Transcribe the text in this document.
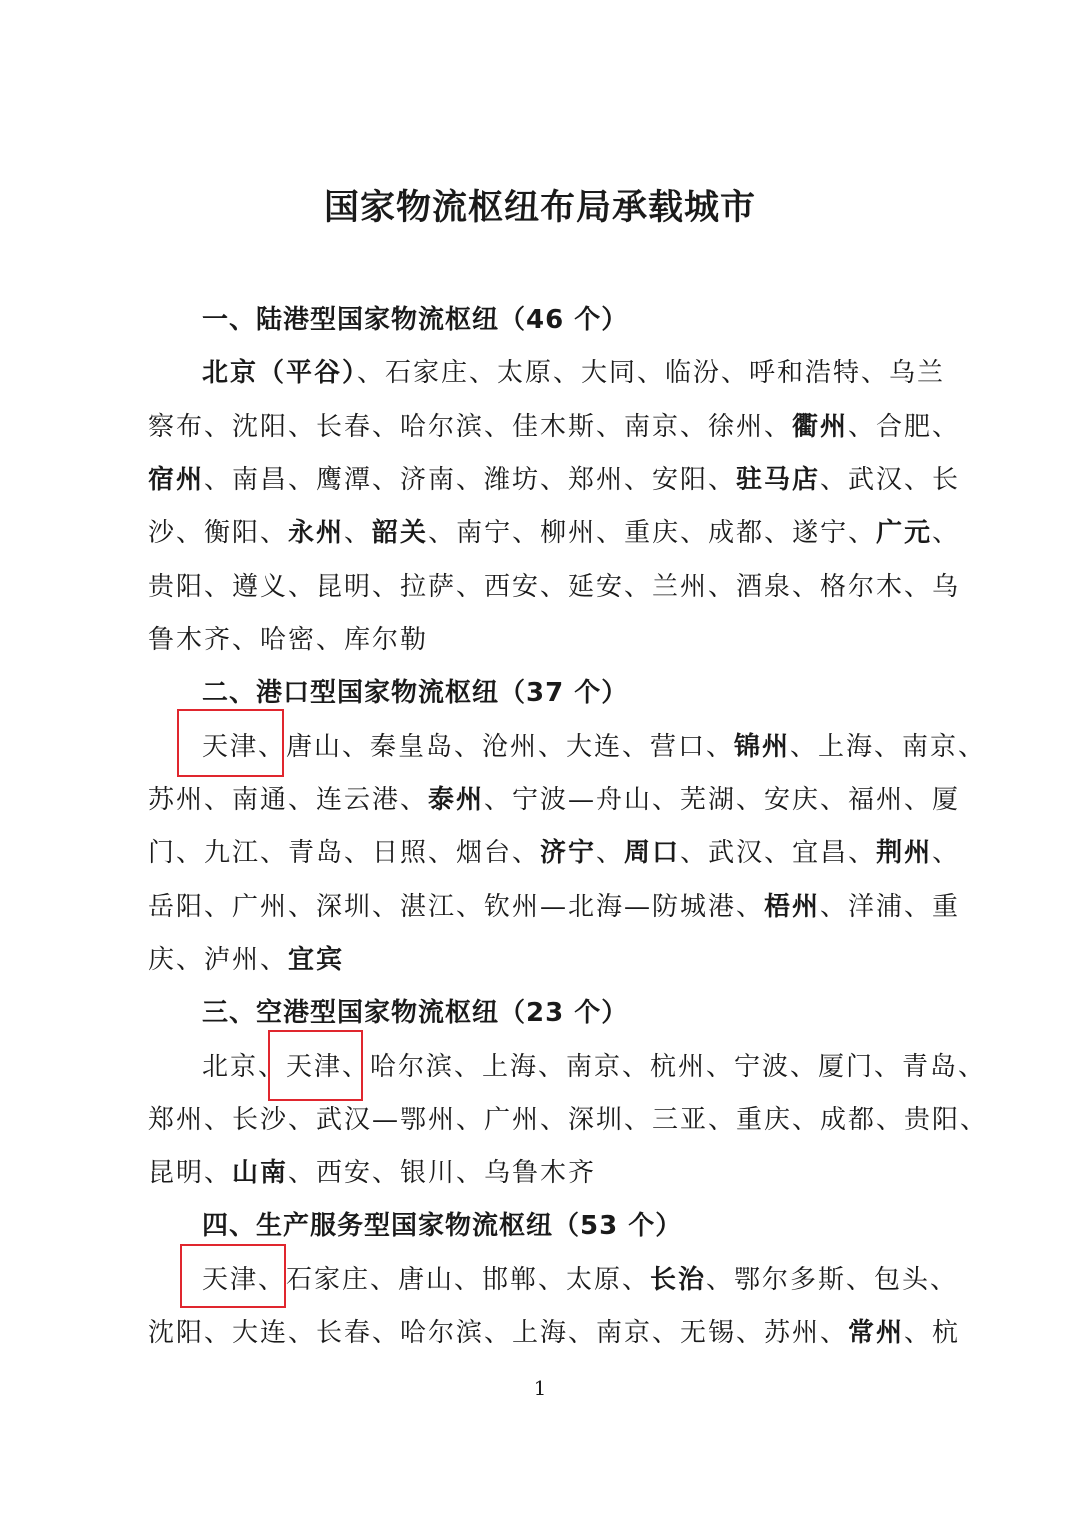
国家物流枢纽布局承载城市
一、陆港型国家物流枢纽（46 个）
北京（平谷）、石家庄、太原、大同、临汾、呼和浩特、乌兰
察布、沈阳、长春、哈尔滨、佳木斯、南京、徐州、衢州、合肥、
宿州、南昌、鹰潭、济南、潍坊、郑州、安阳、驻马店、武汉、长
沙、衡阳、永州、韶关、南宁、柳州、重庆、成都、遂宁、广元、
贵阳、遵义、昆明、拉萨、西安、延安、兰州、酒泉、格尔木、乌
鲁木齐、哈密、库尔勒
二、港口型国家物流枢纽（37 个）
天津、唐山、秦皇岛、沧州、大连、营口、锦州、上海、南京、
苏州、南通、连云港、泰州、宁波—舟山、芜湖、安庆、福州、厦
门、九江、青岛、日照、烟台、济宁、周口、武汉、宜昌、荆州、
岳阳、广州、深圳、湛江、钦州—北海—防城港、梧州、洋浦、重
庆、泸州、宜宾
三、空港型国家物流枢纽（23 个）
北京、天津、哈尔滨、上海、南京、杭州、宁波、厦门、青岛、
郑州、长沙、武汉—鄂州、广州、深圳、三亚、重庆、成都、贵阳、
昆明、山南、西安、银川、乌鲁木齐
四、生产服务型国家物流枢纽（53 个）
天津、石家庄、唐山、邯郸、太原、长治、鄂尔多斯、包头、
沈阳、大连、长春、哈尔滨、上海、南京、无锡、苏州、常州、杭
1
